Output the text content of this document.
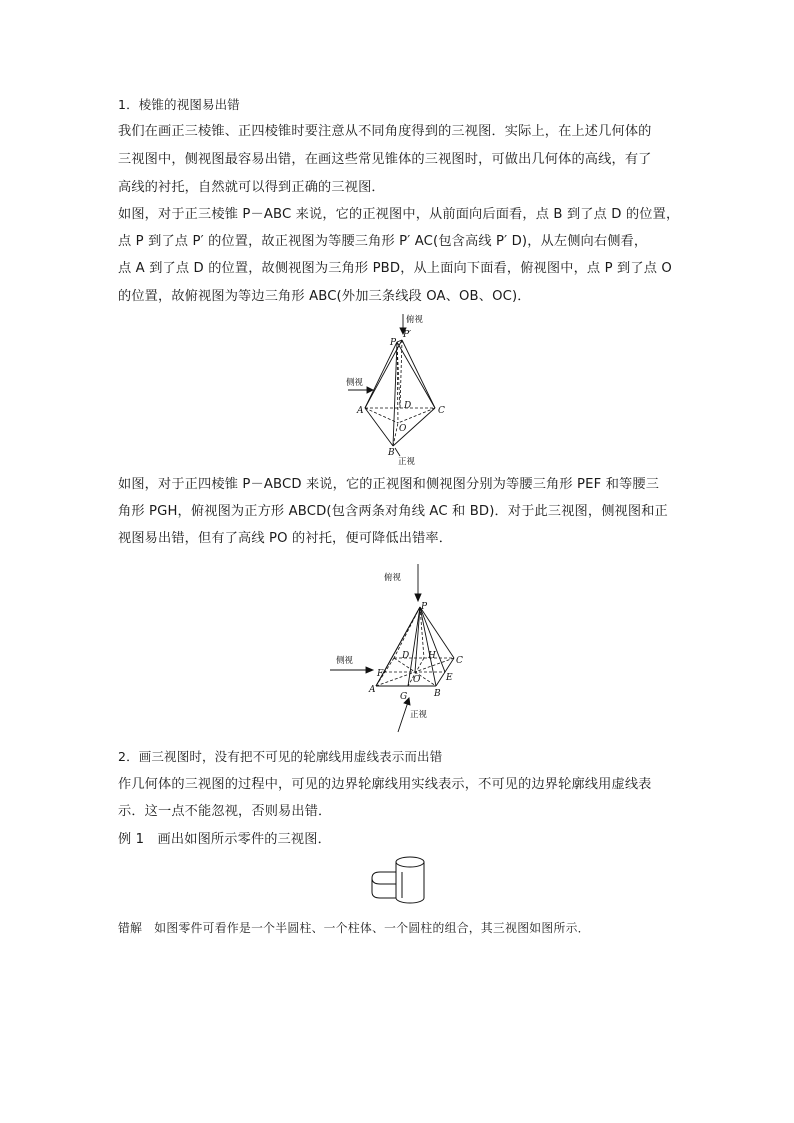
1．棱锥的视图易出错
我们在画正三棱锥、正四棱锥时要注意从不同角度得到的三视图．实际上，在上述几何体的
三视图中，侧视图最容易出错，在画这些常见锥体的三视图时，可做出几何体的高线，有了
高线的衬托，自然就可以得到正确的三视图．
如图，对于正三棱锥 P－ABC 来说，它的正视图中，从前面向后面看，点 B 到了点 D 的位置，
点 P 到了点 P′ 的位置，故正视图为等腰三角形 P′ AC(包含高线 P′ D)，从左侧向右侧看，
点 A 到了点 D 的位置，故侧视图为三角形 PBD，从上面向下面看，俯视图中，点 P 到了点 O
的位置，故俯视图为等边三角形 ABC(外加三条线段 OA、OB、OC)．
俯视
侧视
正视
P
P′
A	C
D
O
B
如图，对于正四棱锥 P－ABCD 来说，它的正视图和侧视图分别为等腰三角形 PEF 和等腰三
角形 PGH，俯视图为正方形 ABCD(包含两条对角线 AC 和 BD)．对于此三视图，侧视图和正
视图易出错，但有了高线 PO 的衬托，便可降低出错率．
俯视
侧视
正视
P
D H C
F
O	E
A
G	B
2．画三视图时，没有把不可见的轮廓线用虚线表示而出错
作几何体的三视图的过程中，可见的边界轮廓线用实线表示，不可见的边界轮廓线用虚线表
示．这一点不能忽视，否则易出错．
例 1　画出如图所示零件的三视图．
错解　如图零件可看作是一个半圆柱、一个柱体、一个圆柱的组合，其三视图如图所示．
